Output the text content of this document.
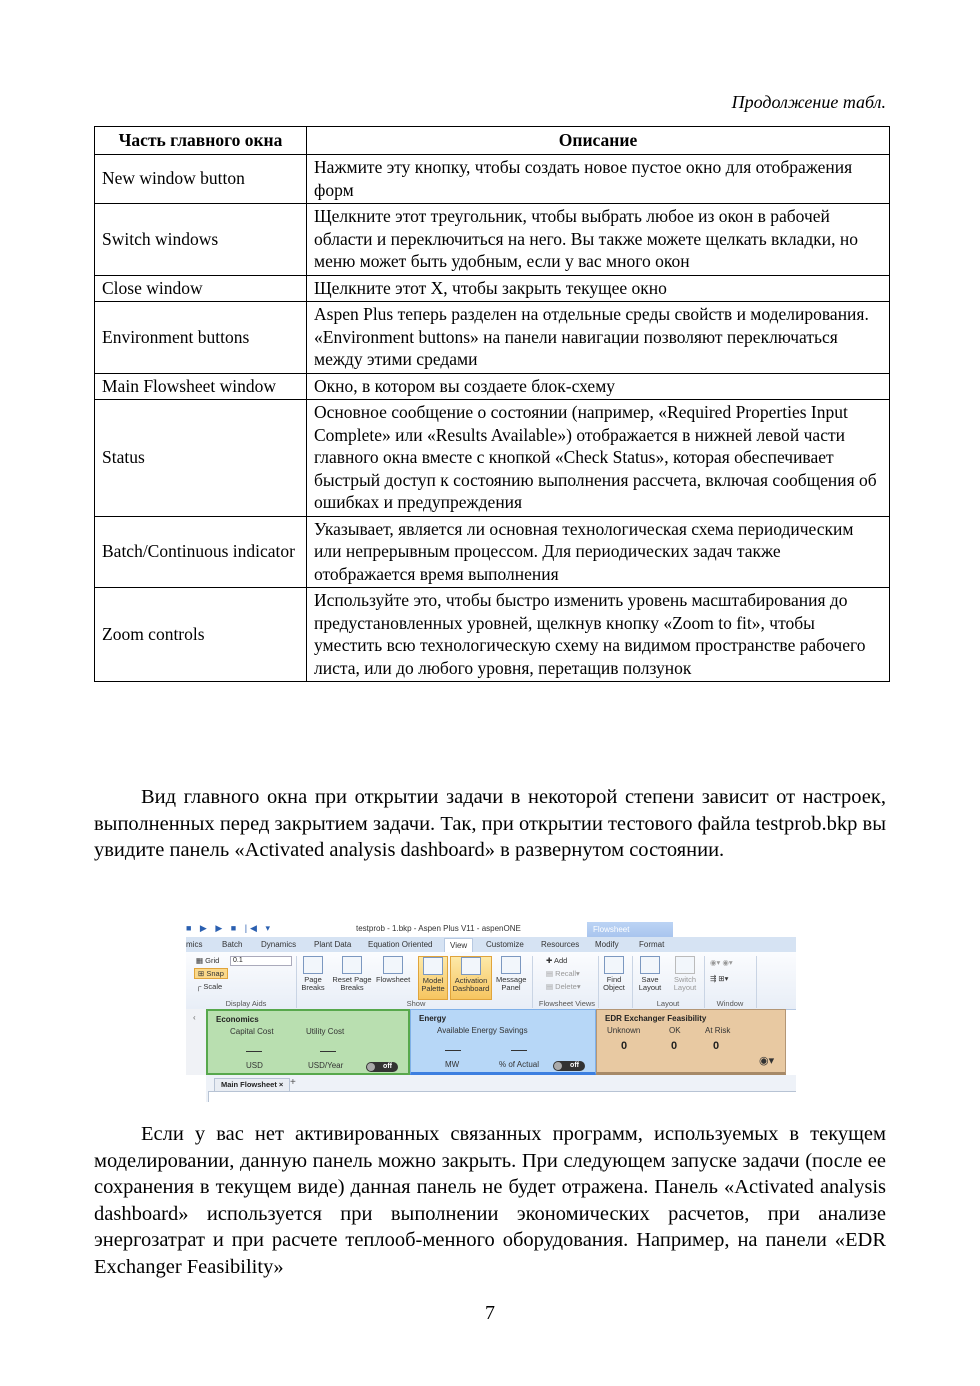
Продолжение табл.
Часть главного окна	Описание
New window button	Нажмите эту кнопку, чтобы создать новое пустое окно для отображения форм
Switch windows	Щелкните этот треугольник, чтобы выбрать любое из окон в рабочей области и переключиться на него. Вы также можете щелкать вкладки, но меню может быть удобным, если у вас много окон
Close window	Щелкните этот X, чтобы закрыть текущее окно
Environment buttons	Aspen Plus теперь разделен на отдельные среды свойств и моделирования. «Environment buttons» на панели навигации позволяют переключаться между этими средами
Main Flowsheet window	Окно, в котором вы создаете блок-схему
Status	Основное сообщение о состоянии (например, «Required Properties Input Complete» или «Results Available») отображается в нижней левой части главного окна вместе с кнопкой «Check Status», которая обеспечивает быстрый доступ к состоянию выполнения рассчета, включая сообщения об ошибках и предупреждения
Batch/Continuous indicator	Указывает, является ли основная технологическая схема периодическим или непрерывным процессом. Для периодических задач также отображается время выполнения
Zoom controls	Используйте это, чтобы быстро изменить уровень масштабирования до предустановленных уровней, щелкнув кнопку «Zoom to fit», чтобы уместить всю технологическую схему на видимом пространстве рабочего листа, или до любого уровня, перетащив ползунок

Вид главного окна при открытии задачи в некоторой степени зависит от настроек, выполненных перед закрытием задачи. Так, при открытии тестового файла testprob.bkp вы увидите панель «Activated analysis dashboard» в развернутом состоянии.

■ ▶ ▶ ■ |◀ ▾	testprob - 1.bkp - Aspen Plus V11 - aspenONE	Flowsheet
mics Batch Dynamics Plant Data Equation Oriented	View	Customize Resources Modify	Format
▦ Grid	0.1
⊞ Snap
┌ Scale
Display Aids
Page Breaks
Reset Page Breaks
Flowsheet	Model Palette
Activation Dashboard
Message Panel
Show
✚ Add
▤ Recall▾
▤ Delete▾
Flowsheet Views
Find Object
Save Layout
Switch Layout
Layout
◉▾ ◉▾
⇶ ⊞▾
Window
‹	Economics
Capital Cost	Utility Cost
USD	USD/Year	off
Energy
Available Energy Savings
MW	% of Actual	off
EDR Exchanger Feasibility
Unknown	OK	At Risk
0	0	0
◉▾
Main Flowsheet × +

Если у вас нет активированных связанных программ, используемых в текущем моделировании, данную панель можно закрыть. При следующем запуске задачи (после ее сохранения в текущем виде) данная панель не будет отражена. Панель «Activated analysis dashboard» используется при выполнении экономических расчетов, при анализе энергозатрат и при расчете теплооб-менного оборудования. Например, на панели «EDR Exchanger Feasibility»

7
